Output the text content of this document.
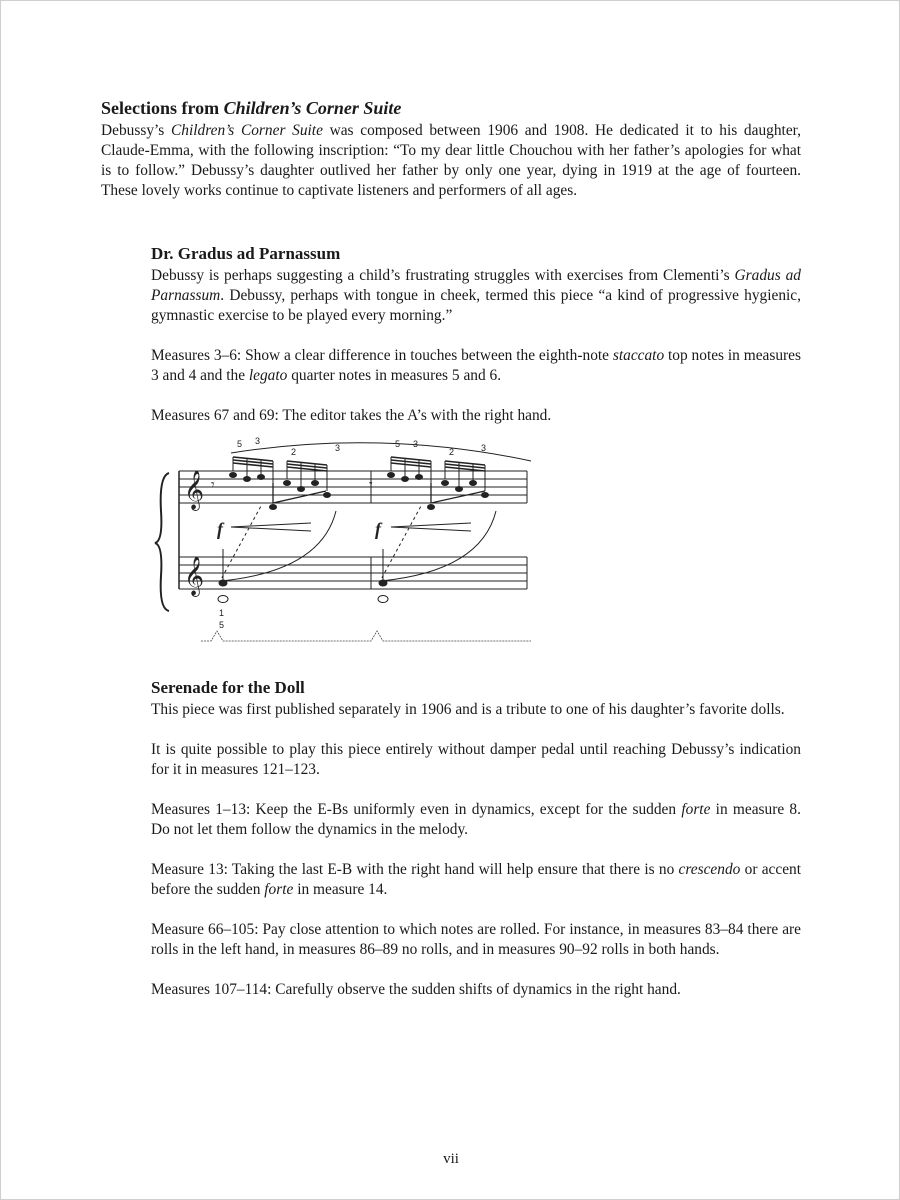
Selections from Children’s Corner Suite

Debussy’s Children’s Corner Suite was composed between 1906 and 1908. He dedicated it to his daughter, Claude-Emma, with the following inscription: “To my dear little Chouchou with her father’s apologies for what is to follow.” Debussy’s daughter outlived her father by only one year, dying in 1919 at the age of fourteen. These lovely works continue to captivate listeners and performers of all ages.

Dr. Gradus ad Parnassum

Debussy is perhaps suggesting a child’s frustrating struggles with exercises from Clementi’s Gradus ad Parnassum. Debussy, perhaps with tongue in cheek, termed this piece “a kind of progressive hygienic, gymnastic exercise to be played every morning.”

Measures 3–6: Show a clear difference in touches between the eighth-note staccato top notes in measures 3 and 4 and the legato quarter notes in measures 5 and 6.

Measures 67 and 69: The editor takes the A’s with the right hand.

𝄞
𝄞
𝄾	𝄾
f	f
5 3
2	3	5 3
2	3
1
5
Serenade for the Doll

This piece was first published separately in 1906 and is a tribute to one of his daughter’s favorite dolls.

It is quite possible to play this piece entirely without damper pedal until reaching Debussy’s indication for it in measures 121–123.

Measures 1–13: Keep the E-Bs uniformly even in dynamics, except for the sudden forte in measure 8. Do not let them follow the dynamics in the melody.

Measure 13: Taking the last E-B with the right hand will help ensure that there is no crescendo or accent before the sudden forte in measure 14.

Measure 66–105: Pay close attention to which notes are rolled. For instance, in measures 83–84 there are rolls in the left hand, in measures 86–89 no rolls, and in measures 90–92 rolls in both hands.

Measures 107–114: Carefully observe the sudden shifts of dynamics in the right hand.

vii
